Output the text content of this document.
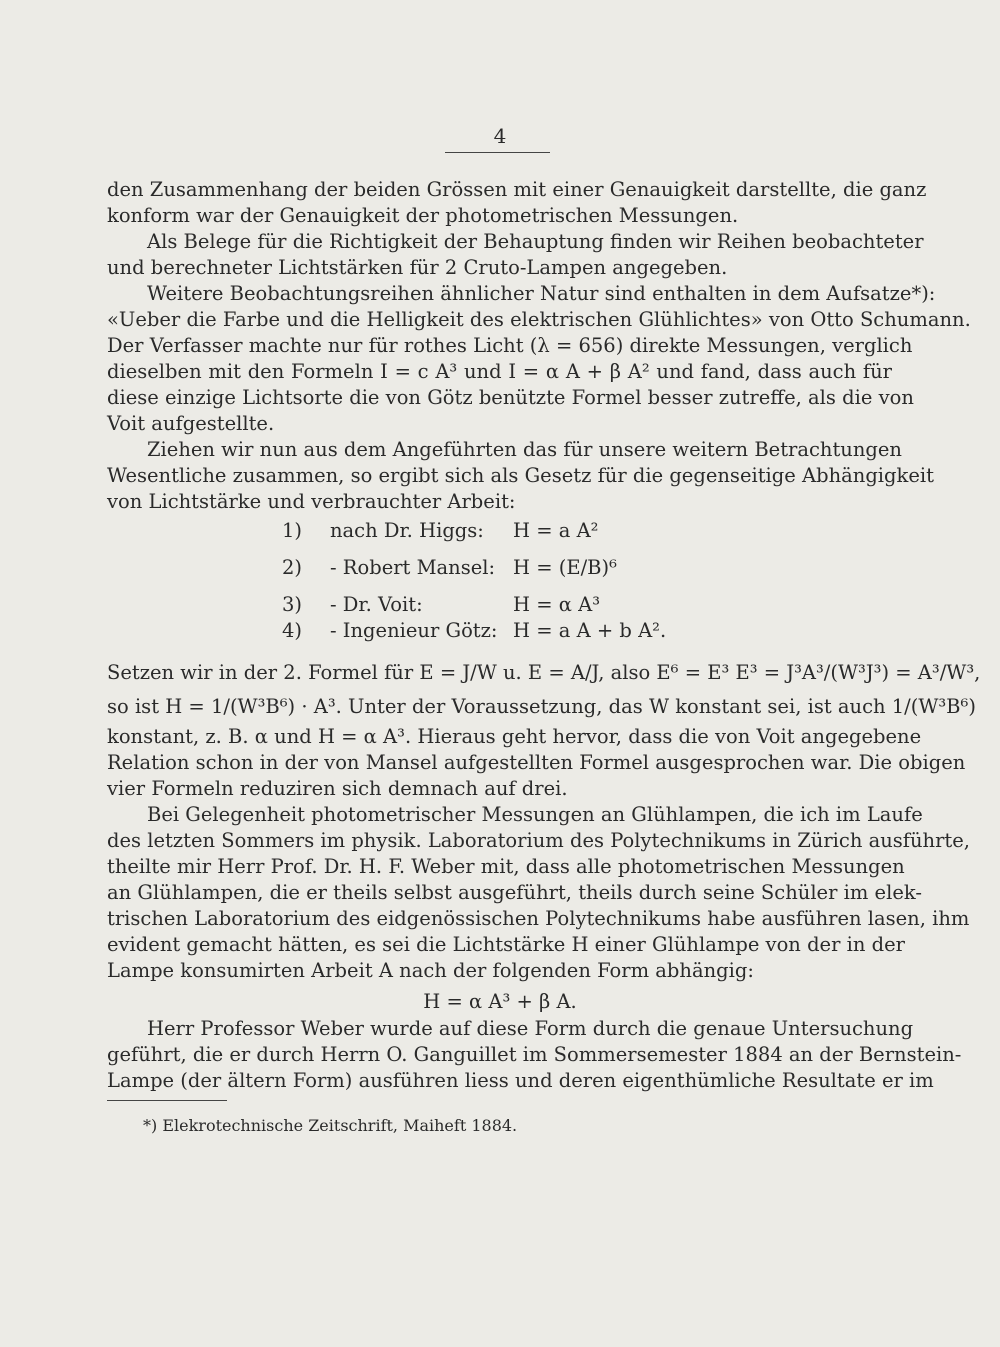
4
den Zusammenhang der beiden Grössen mit einer Genauigkeit darstellte, die ganz
konform war der Genauigkeit der photometrischen Messungen.
Als Belege für die Richtigkeit der Behauptung finden wir Reihen beobachteter
und berechneter Lichtstärken für 2 Cruto-Lampen angegeben.
Weitere Beobachtungsreihen ähnlicher Natur sind enthalten in dem Aufsatze*):
«Ueber die Farbe und die Helligkeit des elektrischen Glühlichtes» von Otto Schumann.
Der Verfasser machte nur für rothes Licht (λ = 656) direkte Messungen, verglich
dieselben mit den Formeln I = c A³ und I = α A + β A² und fand, dass auch für
diese einzige Lichtsorte die von Götz benützte Formel besser zutreffe, als die von
Voit aufgestellte.
Ziehen wir nun aus dem Angeführten das für unsere weitern Betrachtungen
Wesentliche zusammen, so ergibt sich als Gesetz für die gegenseitige Abhängigkeit
von Lichtstärke und verbrauchter Arbeit:
1) nach Dr. Higgs: H = a A²
2) - Robert Mansel: H = (E/B)⁶
3) - Dr. Voit:	H = α A³
4) - Ingenieur Götz: H = a A + b A².
Setzen wir in der 2. Formel für E = J/W u. E = A/J, also E⁶ = E³ E³ = J³A³/(W³J³) = A³/W³,
so ist H = 1/(W³B⁶) · A³. Unter der Voraussetzung, das W konstant sei, ist auch 1/(W³B⁶)
konstant, z. B. α und H = α A³. Hieraus geht hervor, dass die von Voit angegebene
Relation schon in der von Mansel aufgestellten Formel ausgesprochen war. Die obigen
vier Formeln reduziren sich demnach auf drei.
Bei Gelegenheit photometrischer Messungen an Glühlampen, die ich im Laufe
des letzten Sommers im physik. Laboratorium des Polytechnikums in Zürich ausführte,
theilte mir Herr Prof. Dr. H. F. Weber mit, dass alle photometrischen Messungen
an Glühlampen, die er theils selbst ausgeführt, theils durch seine Schüler im elek-
trischen Laboratorium des eidgenössischen Polytechnikums habe ausführen lasen, ihm
evident gemacht hätten, es sei die Lichtstärke H einer Glühlampe von der in der
Lampe konsumirten Arbeit A nach der folgenden Form abhängig:
H = α A³ + β A.
Herr Professor Weber wurde auf diese Form durch die genaue Untersuchung
geführt, die er durch Herrn O. Ganguillet im Sommersemester 1884 an der Bernstein-
Lampe (der ältern Form) ausführen liess und deren eigenthümliche Resultate er im
*) Elekrotechnische Zeitschrift, Maiheft 1884.
